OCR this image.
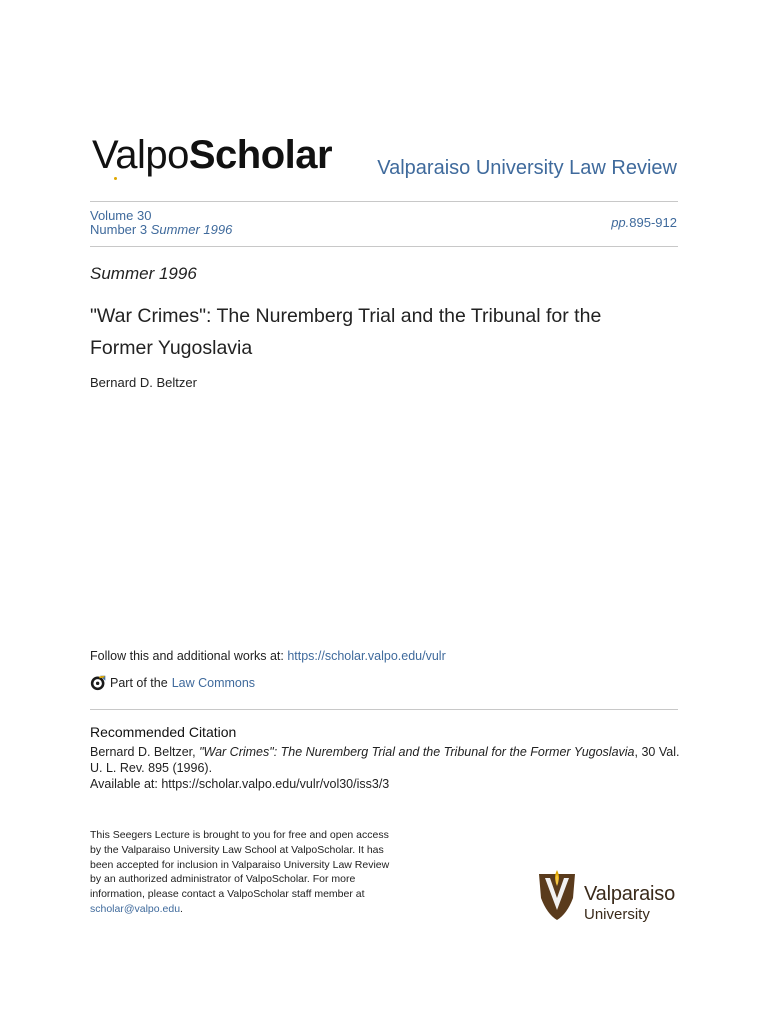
ValpoScholar Valparaiso University Law Review
Volume 30
Number 3 Summer 1996	pp.895-912
Summer 1996
"War Crimes": The Nuremberg Trial and the Tribunal for the Former Yugoslavia
Bernard D. Beltzer
Follow this and additional works at: https://scholar.valpo.edu/vulr
Part of the Law Commons
Recommended Citation
Bernard D. Beltzer, "War Crimes": The Nuremberg Trial and the Tribunal for the Former Yugoslavia, 30 Val. U. L. Rev. 895 (1996).
Available at: https://scholar.valpo.edu/vulr/vol30/iss3/3
This Seegers Lecture is brought to you for free and open access by the Valparaiso University Law School at ValpoScholar. It has been accepted for inclusion in Valparaiso University Law Review by an authorized administrator of ValpoScholar. For more information, please contact a ValpoScholar staff member at scholar@valpo.edu.
Valparaiso
University
